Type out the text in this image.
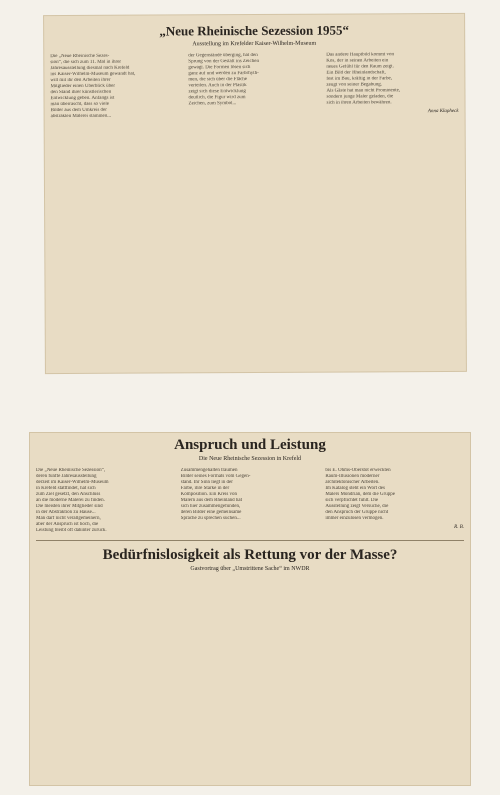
„Neue Rheinische Sezession 1955“
Ausstellung im Krefelder Kaiser-Wilhelm-Museum
Die „Neue Rheinische Sezes-
sion“, die sich zum 11. Mal in ihrer
Jahresausstellung diesmal nach Krefeld
ins Kaiser-Wilhelm-Museum gewandt hat,
will mit ihr den Arbeiten ihrer
Mitglieder einen Überblick über
den Stand ihrer künstlerischen
Entwicklung geben. Anfangs ist
man überrascht, dass so viele
Bilder aus dem Umkreis der
abstrakten Malerei stammen...
der Gegenstände überging, hat den
Sprung von der Gestalt ins Zeichen
gewagt. Die Formen lösen sich
ganz auf und werden zu Farbrhyth-
men, die sich über die Fläche
verteilen. Auch in der Plastik
zeigt sich diese Entwicklung
deutlich, die Figur wird zum
Zeichen, zum Symbol...
Das andere Hauptbild kommt von
Kos, der in seinen Arbeiten ein
neues Gefühl für den Raum zeigt.
Ein Bild der Rheinlandschaft,
fest im Bau, kräftig in der Farbe,
zeugt von seiner Begabung.
Als Gäste hat man nicht Prominente,
sondern junge Maler geladen, die
sich in ihren Arbeiten bewähren.
Anna Klapheck
Anspruch und Leistung
Die Neue Rheinische Sezession in Krefeld
Die „Neue Rheinische Sezession“,
deren fünfte Jahresausstellung
derzeit im Kaiser-Wilhelm-Museum
in Krefeld stattfindet, hat sich
zum Ziel gesetzt, den Anschluss
an die moderne Malerei zu finden.
Die meisten ihrer Mitglieder sind
in der Abstraktion zu Hause...
Man darf nicht verallgemeinern,
aber der Anspruch ist hoch, die
Leistung bleibt oft dahinter zurück.
Zusammengehalten träumen
Bilder seines Formats vom Gegen-
stand. Ihr Sinn liegt in der
Farbe, ihre Stärke in der
Komposition. Ein Kreis von
Malern aus dem Rheinland hat
sich hier zusammengefunden,
deren Bilder eine gemeinsame
Sprache zu sprechen suchen...
bis E. Ohms-Oberstot erweckten
Raum-Illusionen moderner
architektonischer Arbeiten.
Im Katalog steht ein Wort des
Malers Mondrian, dem die Gruppe
sich verpflichtet fühlt. Die
Ausstellung zeigt Versuche, die
den Anspruch der Gruppe nicht
immer einzulösen vermögen.
R. B.
Bedürfnislosigkeit als Rettung vor der Masse?
Gastvortrag über „Umstrittene Sache“ im NWDR
